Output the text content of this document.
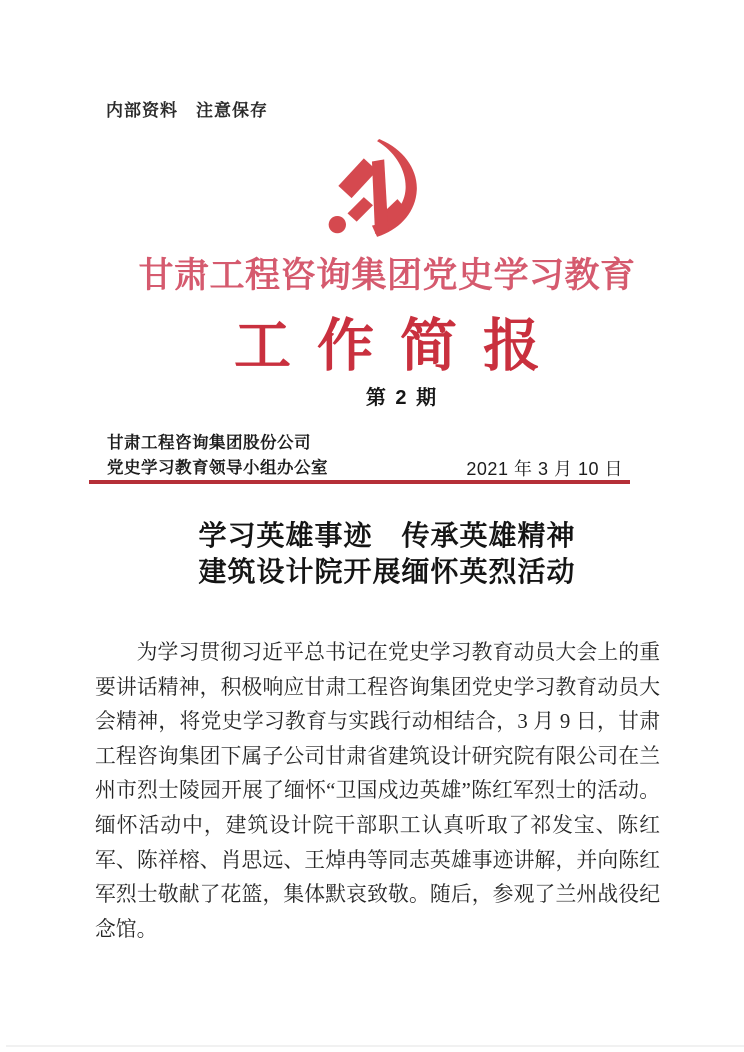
内部资料　注意保存
甘肃工程咨询集团党史学习教育
工作简报
第 2 期
甘肃工程咨询集团股份公司
党史学习教育领导小组办公室	2021 年 3 月 10 日
学习英雄事迹　传承英雄精神
建筑设计院开展缅怀英烈活动
为学习贯彻习近平总书记在党史学习教育动员大会上的重要讲话精神，积极响应甘肃工程咨询集团党史学习教育动员大会精神，将党史学习教育与实践行动相结合，3 月 9 日，甘肃工程咨询集团下属子公司甘肃省建筑设计研究院有限公司在兰州市烈士陵园开展了缅怀“卫国戍边英雄”陈红军烈士的活动。缅怀活动中，建筑设计院干部职工认真听取了祁发宝、陈红军、陈祥榕、肖思远、王焯冉等同志英雄事迹讲解，并向陈红军烈士敬献了花篮，集体默哀致敬。随后，参观了兰州战役纪念馆。
